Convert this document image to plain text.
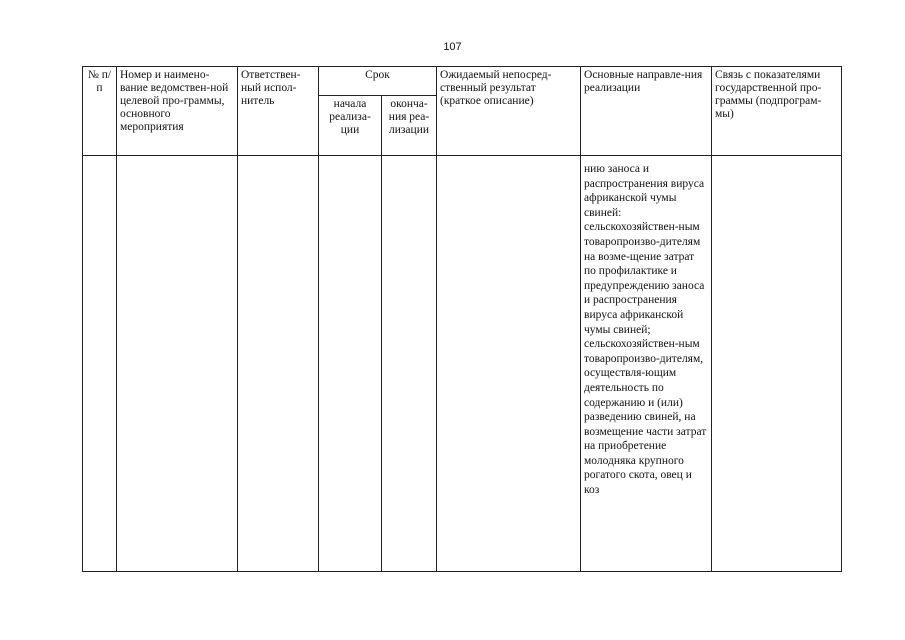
107
№ п/п	Номер и наимено-вание ведомствен-ной целевой про-граммы, основного мероприятия	Ответствен-ный испол-нитель	Срок		Ожидаемый непосред-ственный результат (краткое описание)	Основные направле-ния реализации	Связь с показателями государственной про-граммы (подпрограм-мы)
			начала реализа-ции	оконча-ния реа-лизации			
						нию заноса и распространения вируса африканской чумы свиней: сельскохозяйствен-ным товаропроизво-дителям на возме-щение затрат по профилактике и предупреждению заноса и распространения вируса африканской чумы свиней; сельскохозяйствен-ным товаропроизво-дителям, осуществля-ющим деятельность по содержанию и (или) разведению свиней, на возмещение части затрат на приобретение молодняка крупного рогатого скота, овец и коз	
